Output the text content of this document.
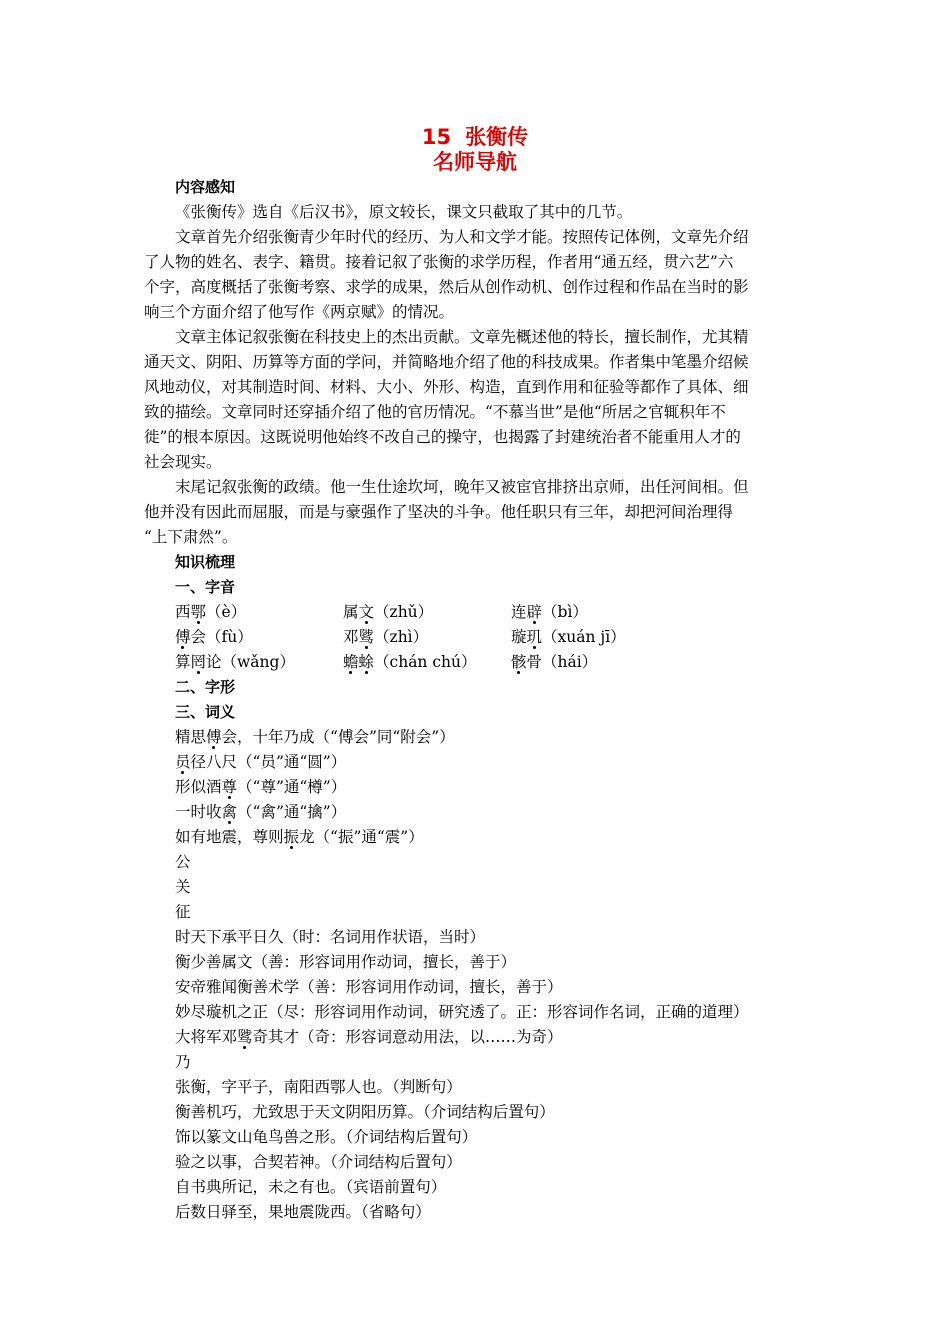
15 张衡传
名师导航
内容感知
《张衡传》选自《后汉书》，原文较长，课文只截取了其中的几节。
文章首先介绍张衡青少年时代的经历、为人和文学才能。按照传记体例，文章先介绍
了人物的姓名、表字、籍贯。接着记叙了张衡的求学历程，作者用“通五经，贯六艺”六
个字，高度概括了张衡考察、求学的成果，然后从创作动机、创作过程和作品在当时的影
响三个方面介绍了他写作《两京赋》的情况。
文章主体记叙张衡在科技史上的杰出贡献。文章先概述他的特长，擅长制作，尤其精
通天文、阴阳、历算等方面的学问，并简略地介绍了他的科技成果。作者集中笔墨介绍候
风地动仪，对其制造时间、材料、大小、外形、构造，直到作用和征验等都作了具体、细
致的描绘。文章同时还穿插介绍了他的官历情况。“不慕当世”是他“所居之官辄积年不
徙”的根本原因。这既说明他始终不改自己的操守，也揭露了封建统治者不能重用人才的
社会现实。
末尾记叙张衡的政绩。他一生仕途坎坷，晚年又被宦官排挤出京师，出任河间相。但
他并没有因此而屈服，而是与豪强作了坚决的斗争。他任职只有三年，却把河间治理得
“上下肃然”。
知识梳理
一、字音
西鄂（è）	属文（zhǔ）	连辟（bì）
傅会（fù）	邓骘（zhì）	璇玑（xuán jī）
算罔论（wǎng）	蟾蜍（chán chú）	骸骨（hái）
二、字形
三、词义
精思傅会，十年乃成（“傅会”同“附会”）
员径八尺（“员”通“圆”）
形似酒尊（“尊”通“樽”）
一时收禽（“禽”通“擒”）
如有地震，尊则振龙（“振”通“震”）
公
关
征
时天下承平日久（时：名词用作状语，当时）
衡少善属文（善：形容词用作动词，擅长，善于）
安帝雅闻衡善术学（善：形容词用作动词，擅长，善于）
妙尽璇机之正（尽：形容词用作动词，研究透了。正：形容词作名词，正确的道理）
大将军邓骘奇其才（奇：形容词意动用法，以……为奇）
乃
张衡，字平子，南阳西鄂人也。（判断句）
衡善机巧，尤致思于天文阴阳历算。（介词结构后置句）
饰以篆文山龟鸟兽之形。（介词结构后置句）
验之以事，合契若神。（介词结构后置句）
自书典所记，未之有也。（宾语前置句）
后数日驿至，果地震陇西。（省略句）
